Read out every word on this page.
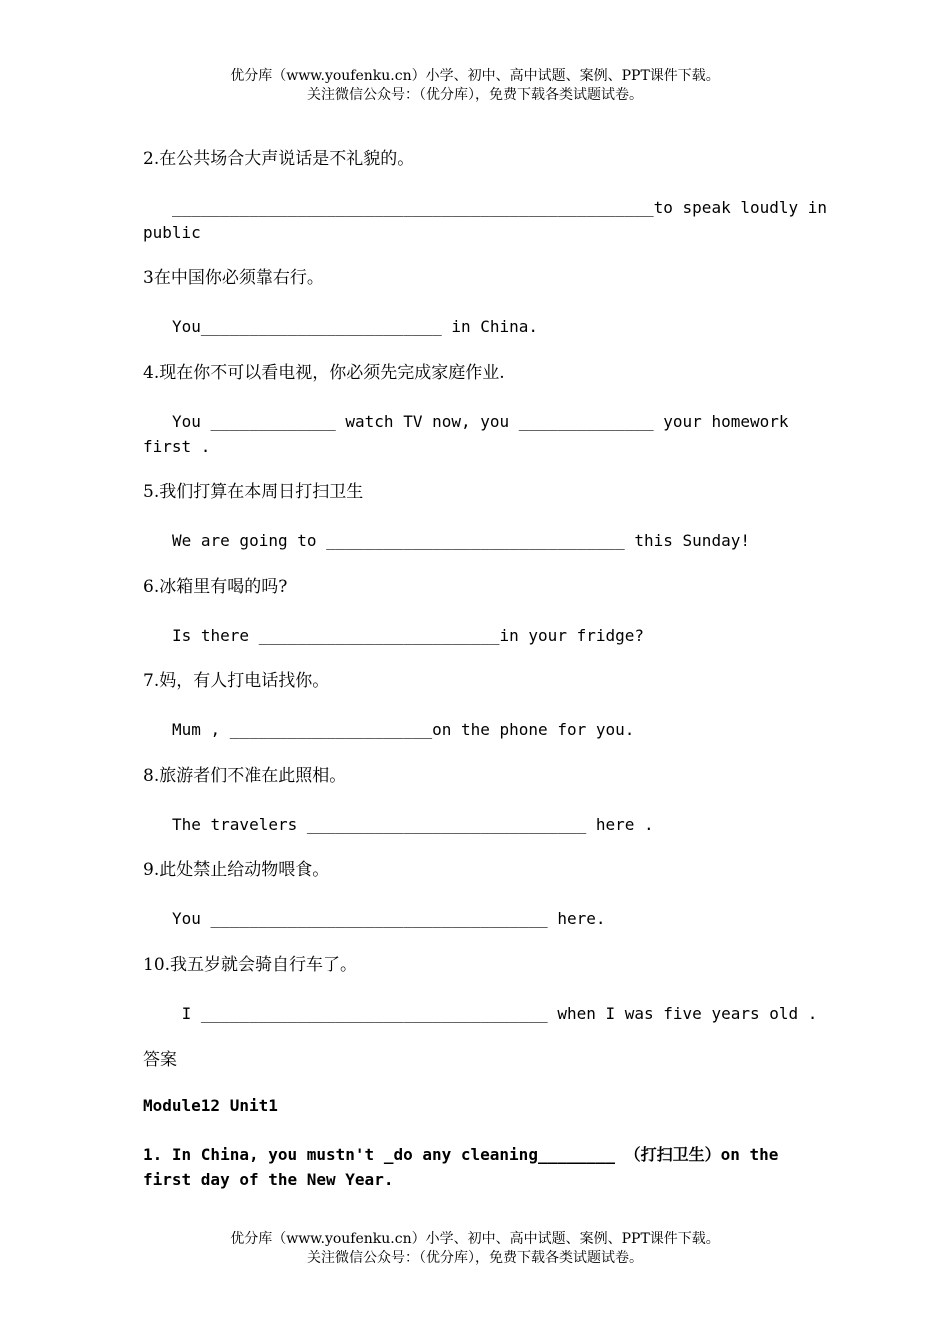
优分库（www.youfenku.cn）小学、初中、高中试题、案例、PPT课件下载。
关注微信公众号：（优分库），免费下载各类试题试卷。
2.在公共场合大声说话是不礼貌的。
__________________________________________________to speak loudly in
public
3在中国你必须靠右行。
You_________________________ in China.
4.现在你不可以看电视，你必须先完成家庭作业.
You _____________ watch TV now, you ______________ your homework
first .
5.我们打算在本周日打扫卫生
We are going to _______________________________ this Sunday!
6.冰箱里有喝的吗?
Is there _________________________in your fridge?
7.妈，有人打电话找你。
Mum , _____________________on the phone for you.
8.旅游者们不准在此照相。
The travelers _____________________________ here .
9.此处禁止给动物喂食。
You ___________________________________ here.
10.我五岁就会骑自行车了。
I ____________________________________ when I was five years old .
答案
Module12 Unit1
1. In China, you mustn't _do any cleaning________ （打扫卫生）on the
first day of the New Year.
优分库（www.youfenku.cn）小学、初中、高中试题、案例、PPT课件下载。
关注微信公众号：（优分库），免费下载各类试题试卷。
